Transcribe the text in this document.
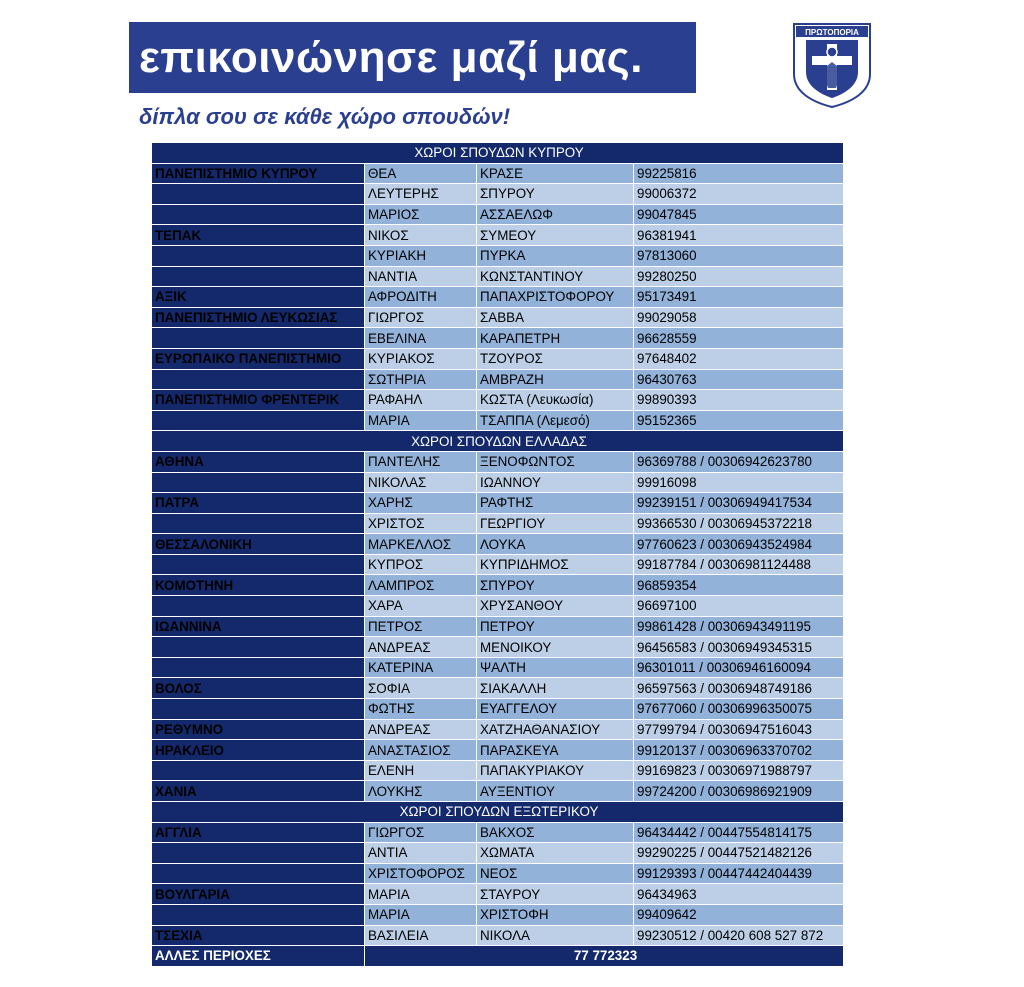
επικοινώνησε μαζί μας.
δίπλα σου σε κάθε χώρο σπουδών!
ΠΡΩΤΟΠΟΡΙΑ
ΧΩΡΟΙ ΣΠΟΥΔΩΝ ΚΥΠΡΟΥ			
ΠΑΝΕΠΙΣΤΗΜΙΟ ΚΥΠΡΟΥ	ΘΕΑ	ΚΡΑΣΕ	99225816
	ΛΕΥΤΕΡΗΣ	ΣΠΥΡΟΥ	99006372
	ΜΑΡΙΟΣ	ΑΣΣΑΕΛΩΦ	99047845
ΤΕΠΑΚ	ΝΙΚΟΣ	ΣΥΜΕΟΥ	96381941
	ΚΥΡΙΑΚΗ	ΠΥΡΚΑ	97813060
	ΝΑΝΤΙΑ	ΚΩΝΣΤΑΝΤΙΝΟΥ	99280250
ΑΞΙΚ	ΑΦΡΟΔΙΤΗ	ΠΑΠΑΧΡΙΣΤΟΦΟΡΟΥ	95173491
ΠΑΝΕΠΙΣΤΗΜΙΟ ΛΕΥΚΩΣΙΑΣ	ΓΙΩΡΓΟΣ	ΣΑΒΒΑ	99029058
	ΕΒΕΛΙΝΑ	ΚΑΡΑΠΕΤΡΗ	96628559
ΕΥΡΩΠΑΙΚΟ ΠΑΝΕΠΙΣΤΗΜΙΟ	ΚΥΡΙΑΚΟΣ	ΤΖΟΥΡΟΣ	97648402
	ΣΩΤΗΡΙΑ	ΑΜΒΡΑΖΗ	96430763
ΠΑΝΕΠΙΣΤΗΜΙΟ ΦΡΕΝΤΕΡΙΚ	ΡΑΦΑΗΛ	ΚΩΣΤΑ (Λευκωσία)	99890393
	ΜΑΡΙΑ	ΤΣΑΠΠΑ (Λεμεσό)	95152365
ΧΩΡΟΙ ΣΠΟΥΔΩΝ ΕΛΛΑΔΑΣ			
ΑΘΗΝΑ	ΠΑΝΤΕΛΗΣ	ΞΕΝΟΦΩΝΤΟΣ	96369788 / 00306942623780
	ΝΙΚΟΛΑΣ	ΙΩΑΝΝΟΥ	99916098
ΠΑΤΡΑ	ΧΑΡΗΣ	ΡΑΦΤΗΣ	99239151 / 00306949417534
	ΧΡΙΣΤΟΣ	ΓΕΩΡΓΙΟΥ	99366530 / 00306945372218
ΘΕΣΣΑΛΟΝΙΚΗ	ΜΑΡΚΕΛΛΟΣ	ΛΟΥΚΑ	97760623 / 00306943524984
	ΚΥΠΡΟΣ	ΚΥΠΡΙΔΗΜΟΣ	99187784 / 00306981124488
ΚΟΜΟΤΗΝΗ	ΛΑΜΠΡΟΣ	ΣΠΥΡΟΥ	96859354
	ΧΑΡΑ	ΧΡΥΣΑΝΘΟΥ	96697100
ΙΩΑΝΝΙΝΑ	ΠΕΤΡΟΣ	ΠΕΤΡΟΥ	99861428 / 00306943491195
	ΑΝΔΡΕΑΣ	ΜΕΝΟΙΚΟΥ	96456583 / 00306949345315
	ΚΑΤΕΡΙΝΑ	ΨΑΛΤΗ	96301011 / 00306946160094
ΒΟΛΟΣ	ΣΟΦΙΑ	ΣΙΑΚΑΛΛΗ	96597563 / 00306948749186
	ΦΩΤΗΣ	ΕΥΑΓΓΕΛΟΥ	97677060 / 00306996350075
ΡΕΘΥΜΝΟ	ΑΝΔΡΕΑΣ	ΧΑΤΖΗΑΘΑΝΑΣΙΟΥ	97799794 / 00306947516043
ΗΡΑΚΛΕΙΟ	ΑΝΑΣΤΑΣΙΟΣ	ΠΑΡΑΣΚΕΥΑ	99120137 / 00306963370702
	ΕΛΕΝΗ	ΠΑΠΑΚΥΡΙΑΚΟΥ	99169823 / 00306971988797
ΧΑΝΙΑ	ΛΟΥΚΗΣ	ΑΥΞΕΝΤΙΟΥ	99724200 / 00306986921909
ΧΩΡΟΙ ΣΠΟΥΔΩΝ ΕΞΩΤΕΡΙΚΟΥ			
ΑΓΓΛΙΑ	ΓΙΩΡΓΟΣ	ΒΑΚΧΟΣ	96434442 / 00447554814175
	ΑΝΤΙΑ	ΧΩΜΑΤΑ	99290225 / 00447521482126
	ΧΡΙΣΤΟΦΟΡΟΣ	ΝΕΟΣ	99129393 / 00447442404439
ΒΟΥΛΓΑΡΙΑ	ΜΑΡΙΑ	ΣΤΑΥΡΟΥ	96434963
	ΜΑΡΙΑ	ΧΡΙΣΤΟΦΗ	99409642
ΤΣΕΧΙΑ	ΒΑΣΙΛΕΙΑ	ΝΙΚΟΛΑ	99230512 / 00420 608 527 872
ΑΛΛΕΣ ΠΕΡΙΟΧΕΣ	77 772323		
